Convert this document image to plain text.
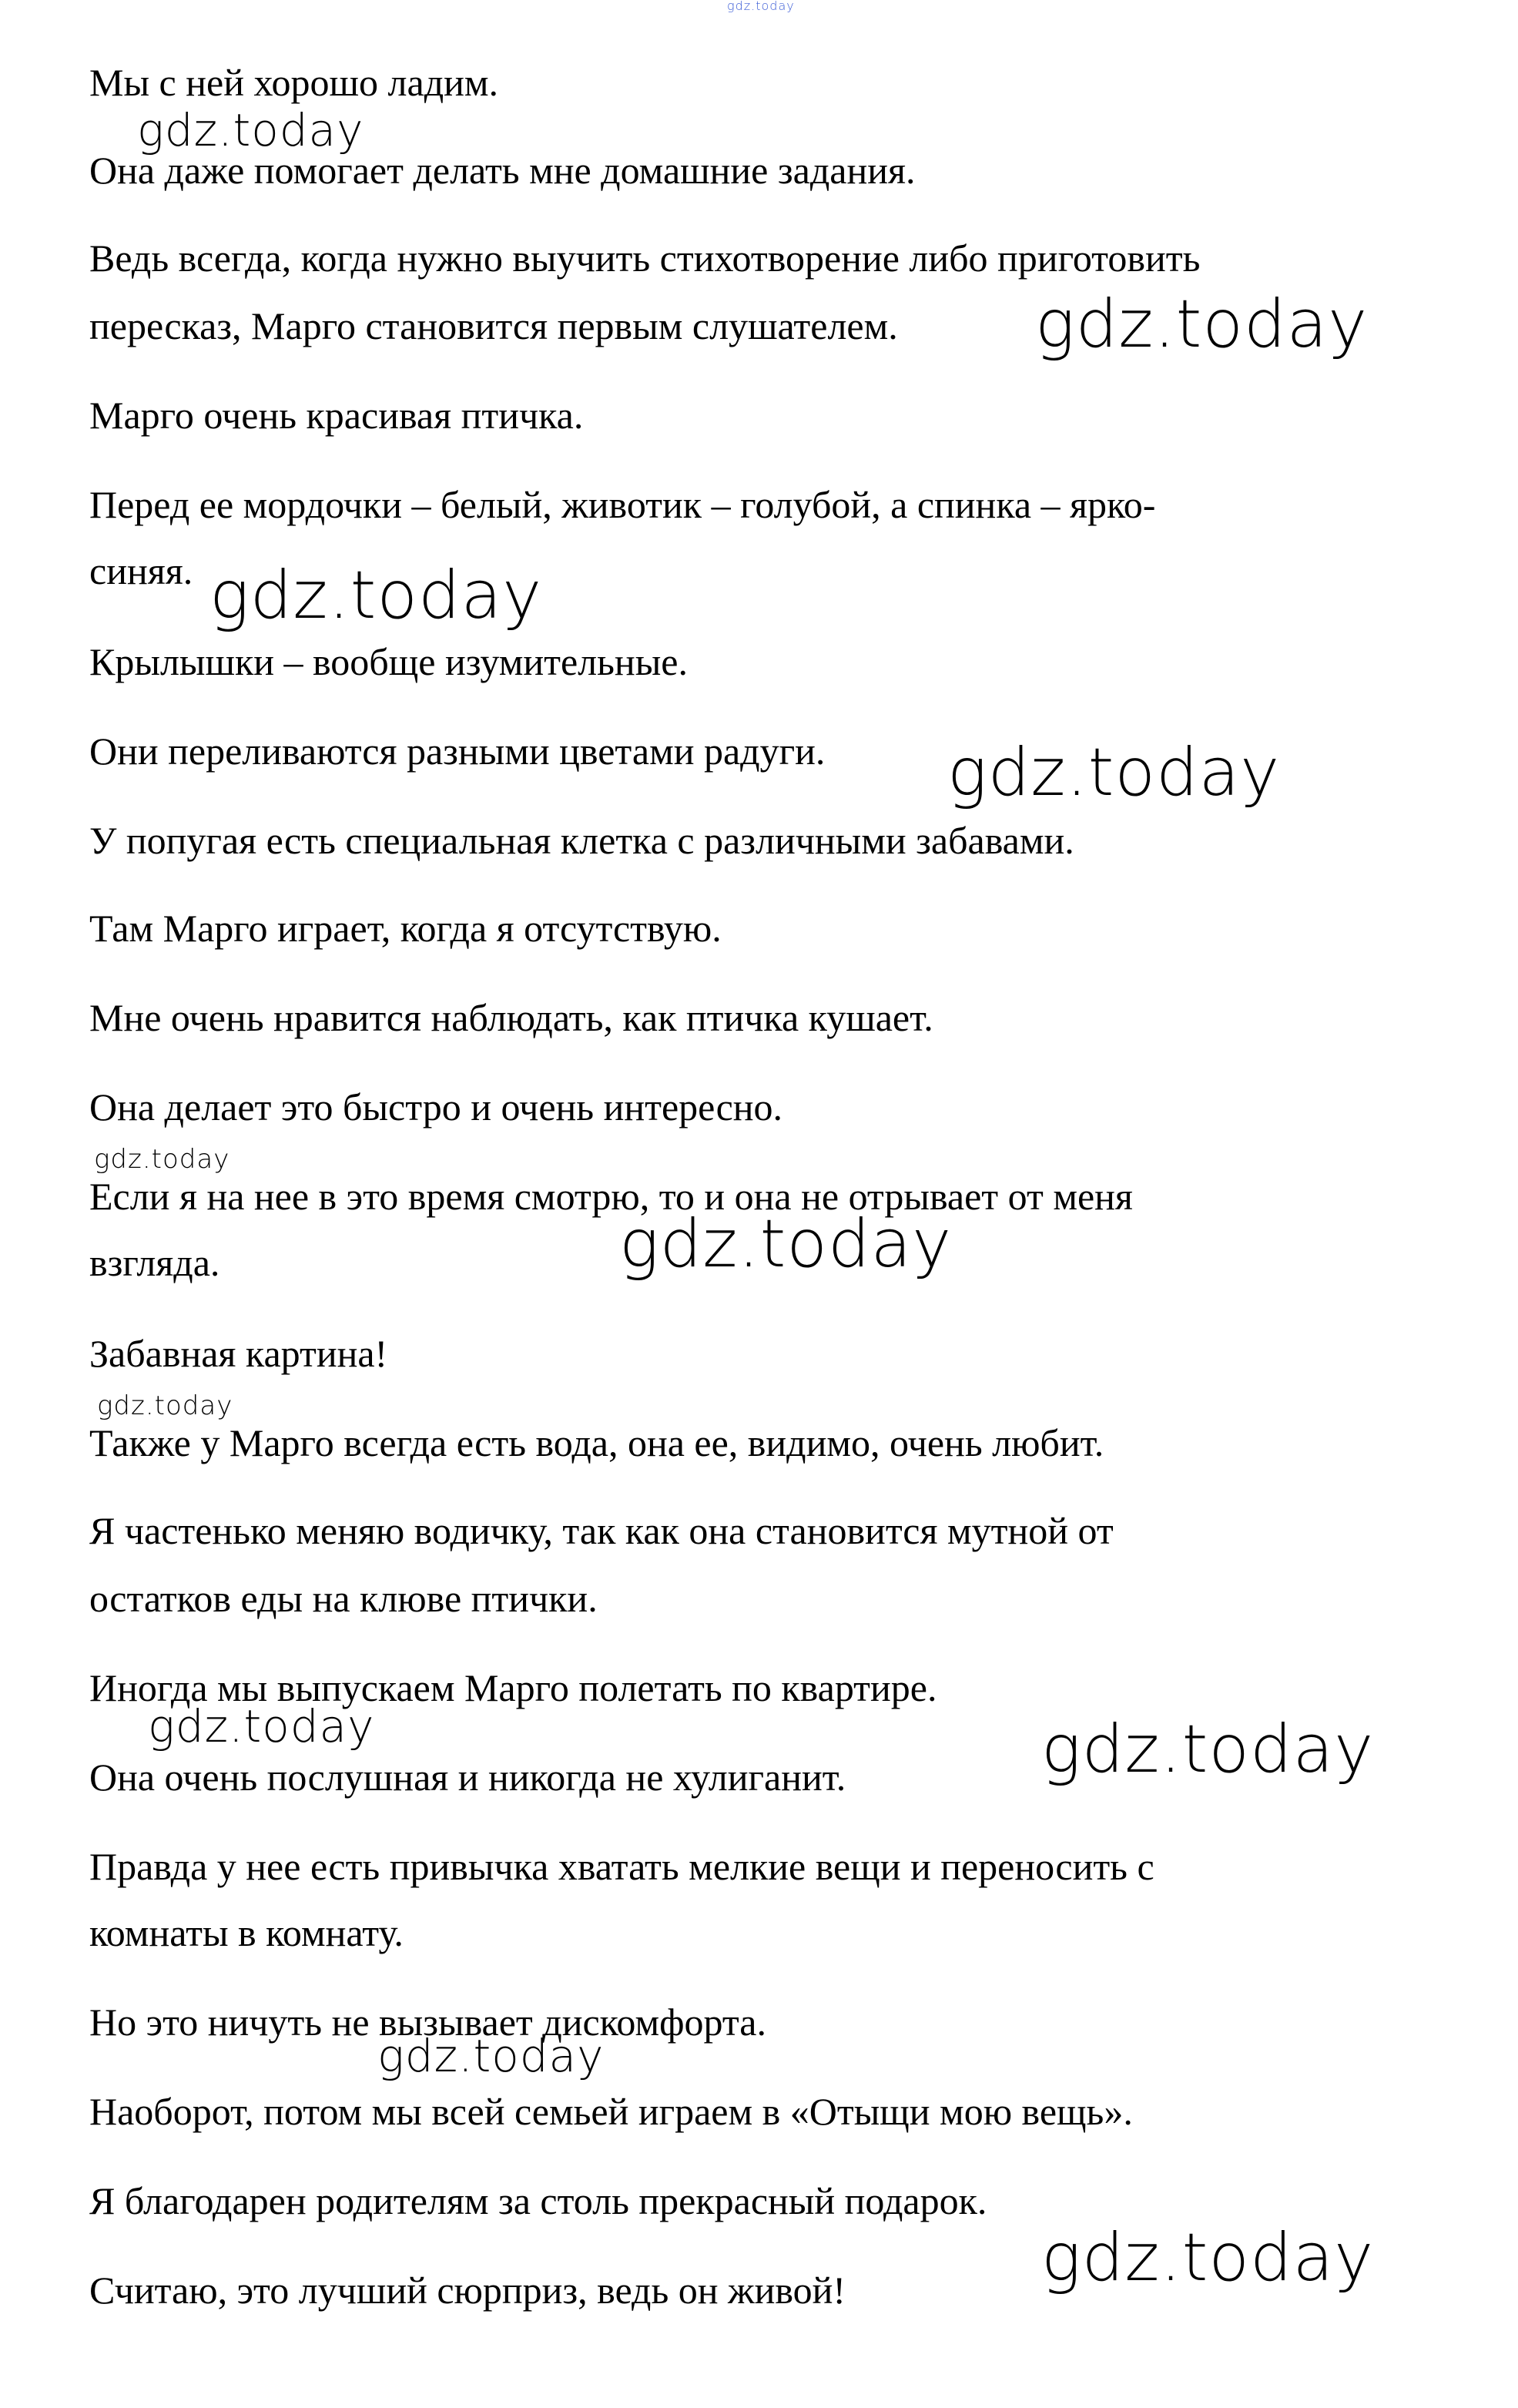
gdz.today
gdz.today
gdz.today
gdz.today
gdz.today
gdz.today
gdz.today
gdz.today
gdz.today	gdz.today
gdz.today
gdz.today
Мы с ней хорошо ладим.
Она даже помогает делать мне домашние задания.
Ведь всегда, когда нужно выучить стихотворение либо приготовить
пересказ, Марго становится первым слушателем.
Марго очень красивая птичка.
Перед ее мордочки – белый, животик – голубой, а спинка – ярко-
синяя.
Крылышки – вообще изумительные.
Они переливаются разными цветами радуги.
У попугая есть специальная клетка с различными забавами.
Там Марго играет, когда я отсутствую.
Мне очень нравится наблюдать, как птичка кушает.
Она делает это быстро и очень интересно.
Если я на нее в это время смотрю, то и она не отрывает от меня
взгляда.
Забавная картина!
Также у Марго всегда есть вода, она ее, видимо, очень любит.
Я частенько меняю водичку, так как она становится мутной от
остатков еды на клюве птички.
Иногда мы выпускаем Марго полетать по квартире.
Она очень послушная и никогда не хулиганит.
Правда у нее есть привычка хватать мелкие вещи и переносить с
комнаты в комнату.
Но это ничуть не вызывает дискомфорта.
Наоборот, потом мы всей семьей играем в «Отыщи мою вещь».
Я благодарен родителям за столь прекрасный подарок.
Считаю, это лучший сюрприз, ведь он живой!
